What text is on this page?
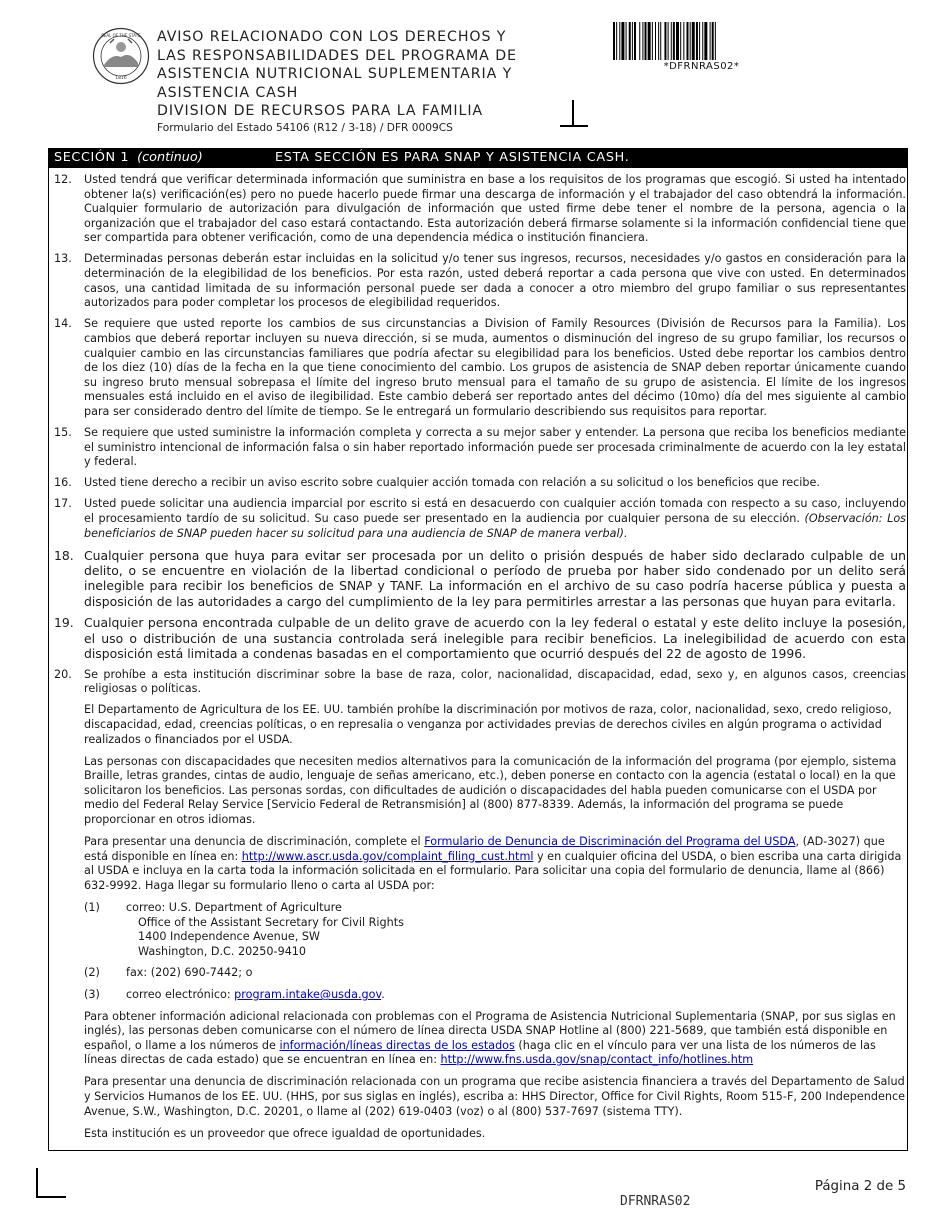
SEAL OF THE STATE
1816
AVISO RELACIONADO CON LOS DERECHOS Y
LAS RESPONSABILIDADES DEL PROGRAMA DE
ASISTENCIA NUTRICIONAL SUPLEMENTARIA Y
ASISTENCIA CASH
DIVISION DE RECURSOS PARA LA FAMILIA
Formulario del Estado 54106 (R12 / 3-18) / DFR 0009CS
*DFRNRAS02*
SECCIÓN 1 (continuo)	ESTA SECCIÓN ES PARA SNAP Y ASISTENCIA CASH.
12. Usted tendrá que verificar determinada información que suministra en base a los requisitos de los programas que escogió. Si usted ha intentado obtener la(s) verificación(es) pero no puede hacerlo puede firmar una descarga de información y el trabajador del caso obtendrá la información. Cualquier formulario de autorización para divulgación de información que usted firme debe tener el nombre de la persona, agencia o la organización que el trabajador del caso estará contactando. Esta autorización deberá firmarse solamente si la información confidencial tiene que ser compartida para obtener verificación, como de una dependencia médica o institución financiera.
13. Determinadas personas deberán estar incluidas en la solicitud y/o tener sus ingresos, recursos, necesidades y/o gastos en consideración para la determinación de la elegibilidad de los beneficios. Por esta razón, usted deberá reportar a cada persona que vive con usted. En determinados casos, una cantidad limitada de su información personal puede ser dada a conocer a otro miembro del grupo familiar o sus representantes autorizados para poder completar los procesos de elegibilidad requeridos.
14. Se requiere que usted reporte los cambios de sus circunstancias a Division of Family Resources (División de Recursos para la Familia). Los cambios que deberá reportar incluyen su nueva dirección, si se muda, aumentos o disminución del ingreso de su grupo familiar, los recursos o cualquier cambio en las circunstancias familiares que podría afectar su elegibilidad para los beneficios. Usted debe reportar los cambios dentro de los diez (10) días de la fecha en la que tiene conocimiento del cambio. Los grupos de asistencia de SNAP deben reportar únicamente cuando su ingreso bruto mensual sobrepasa el límite del ingreso bruto mensual para el tamaño de su grupo de asistencia. El límite de los ingresos mensuales está incluido en el aviso de ilegibilidad. Este cambio deberá ser reportado antes del décimo (10mo) día del mes siguiente al cambio para ser considerado dentro del límite de tiempo. Se le entregará un formulario describiendo sus requisitos para reportar.
15. Se requiere que usted suministre la información completa y correcta a su mejor saber y entender. La persona que reciba los beneficios mediante el suministro intencional de información falsa o sin haber reportado información puede ser procesada criminalmente de acuerdo con la ley estatal y federal.
16. Usted tiene derecho a recibir un aviso escrito sobre cualquier acción tomada con relación a su solicitud o los beneficios que recibe.
17. Usted puede solicitar una audiencia imparcial por escrito si está en desacuerdo con cualquier acción tomada con respecto a su caso, incluyendo el procesamiento tardío de su solicitud. Su caso puede ser presentado en la audiencia por cualquier persona de su elección. (Observación: Los beneficiarios de SNAP pueden hacer su solicitud para una audiencia de SNAP de manera verbal).
18. Cualquier persona que huya para evitar ser procesada por un delito o prisión después de haber sido declarado culpable de un delito, o se encuentre en violación de la libertad condicional o período de prueba por haber sido condenado por un delito será inelegible para recibir los beneficios de SNAP y TANF. La información en el archivo de su caso podría hacerse pública y puesta a disposición de las autoridades a cargo del cumplimiento de la ley para permitirles arrestar a las personas que huyan para evitarla.
19. Cualquier persona encontrada culpable de un delito grave de acuerdo con la ley federal o estatal y este delito incluye la posesión, el uso o distribución de una sustancia controlada será inelegible para recibir beneficios. La inelegibilidad de acuerdo con esta disposición está limitada a condenas basadas en el comportamiento que ocurrió después del 22 de agosto de 1996.
20. Se prohíbe a esta institución discriminar sobre la base de raza, color, nacionalidad, discapacidad, edad, sexo y, en algunos casos, creencias religiosas o políticas.
El Departamento de Agricultura de los EE. UU. también prohíbe la discriminación por motivos de raza, color, nacionalidad, sexo, credo religioso, discapacidad, edad, creencias políticas, o en represalia o venganza por actividades previas de derechos civiles en algún programa o actividad realizados o financiados por el USDA.
Las personas con discapacidades que necesiten medios alternativos para la comunicación de la información del programa (por ejemplo, sistema Braille, letras grandes, cintas de audio, lenguaje de señas americano, etc.), deben ponerse en contacto con la agencia (estatal o local) en la que solicitaron los beneficios. Las personas sordas, con dificultades de audición o discapacidades del habla pueden comunicarse con el USDA por medio del Federal Relay Service [Servicio Federal de Retransmisión] al (800) 877-8339. Además, la información del programa se puede proporcionar en otros idiomas.
Para presentar una denuncia de discriminación, complete el Formulario de Denuncia de Discriminación del Programa del USDA, (AD-3027) que está disponible en línea en: http://www.ascr.usda.gov/complaint_filing_cust.html y en cualquier oficina del USDA, o bien escriba una carta dirigida al USDA e incluya en la carta toda la información solicitada en el formulario. Para solicitar una copia del formulario de denuncia, llame al (866) 632-9992. Haga llegar su formulario lleno o carta al USDA por:
(1) correo: U.S. Department of Agriculture
Office of the Assistant Secretary for Civil Rights
1400 Independence Avenue, SW
Washington, D.C. 20250-9410
(2) fax: (202) 690-7442; o
(3) correo electrónico: program.intake@usda.gov.
Para obtener información adicional relacionada con problemas con el Programa de Asistencia Nutricional Suplementaria (SNAP, por sus siglas en inglés), las personas deben comunicarse con el número de línea directa USDA SNAP Hotline al (800) 221-5689, que también está disponible en español, o llame a los números de información/líneas directas de los estados (haga clic en el vínculo para ver una lista de los números de las líneas directas de cada estado) que se encuentran en línea en: http://www.fns.usda.gov/snap/contact_info/hotlines.htm
Para presentar una denuncia de discriminación relacionada con un programa que recibe asistencia financiera a través del Departamento de Salud y Servicios Humanos de los EE. UU. (HHS, por sus siglas en inglés), escriba a: HHS Director, Office for Civil Rights, Room 515-F, 200 Independence Avenue, S.W., Washington, D.C. 20201, o llame al (202) 619-0403 (voz) o al (800) 537-7697 (sistema TTY).
Esta institución es un proveedor que ofrece igualdad de oportunidades.
Página 2 de 5
DFRNRAS02
